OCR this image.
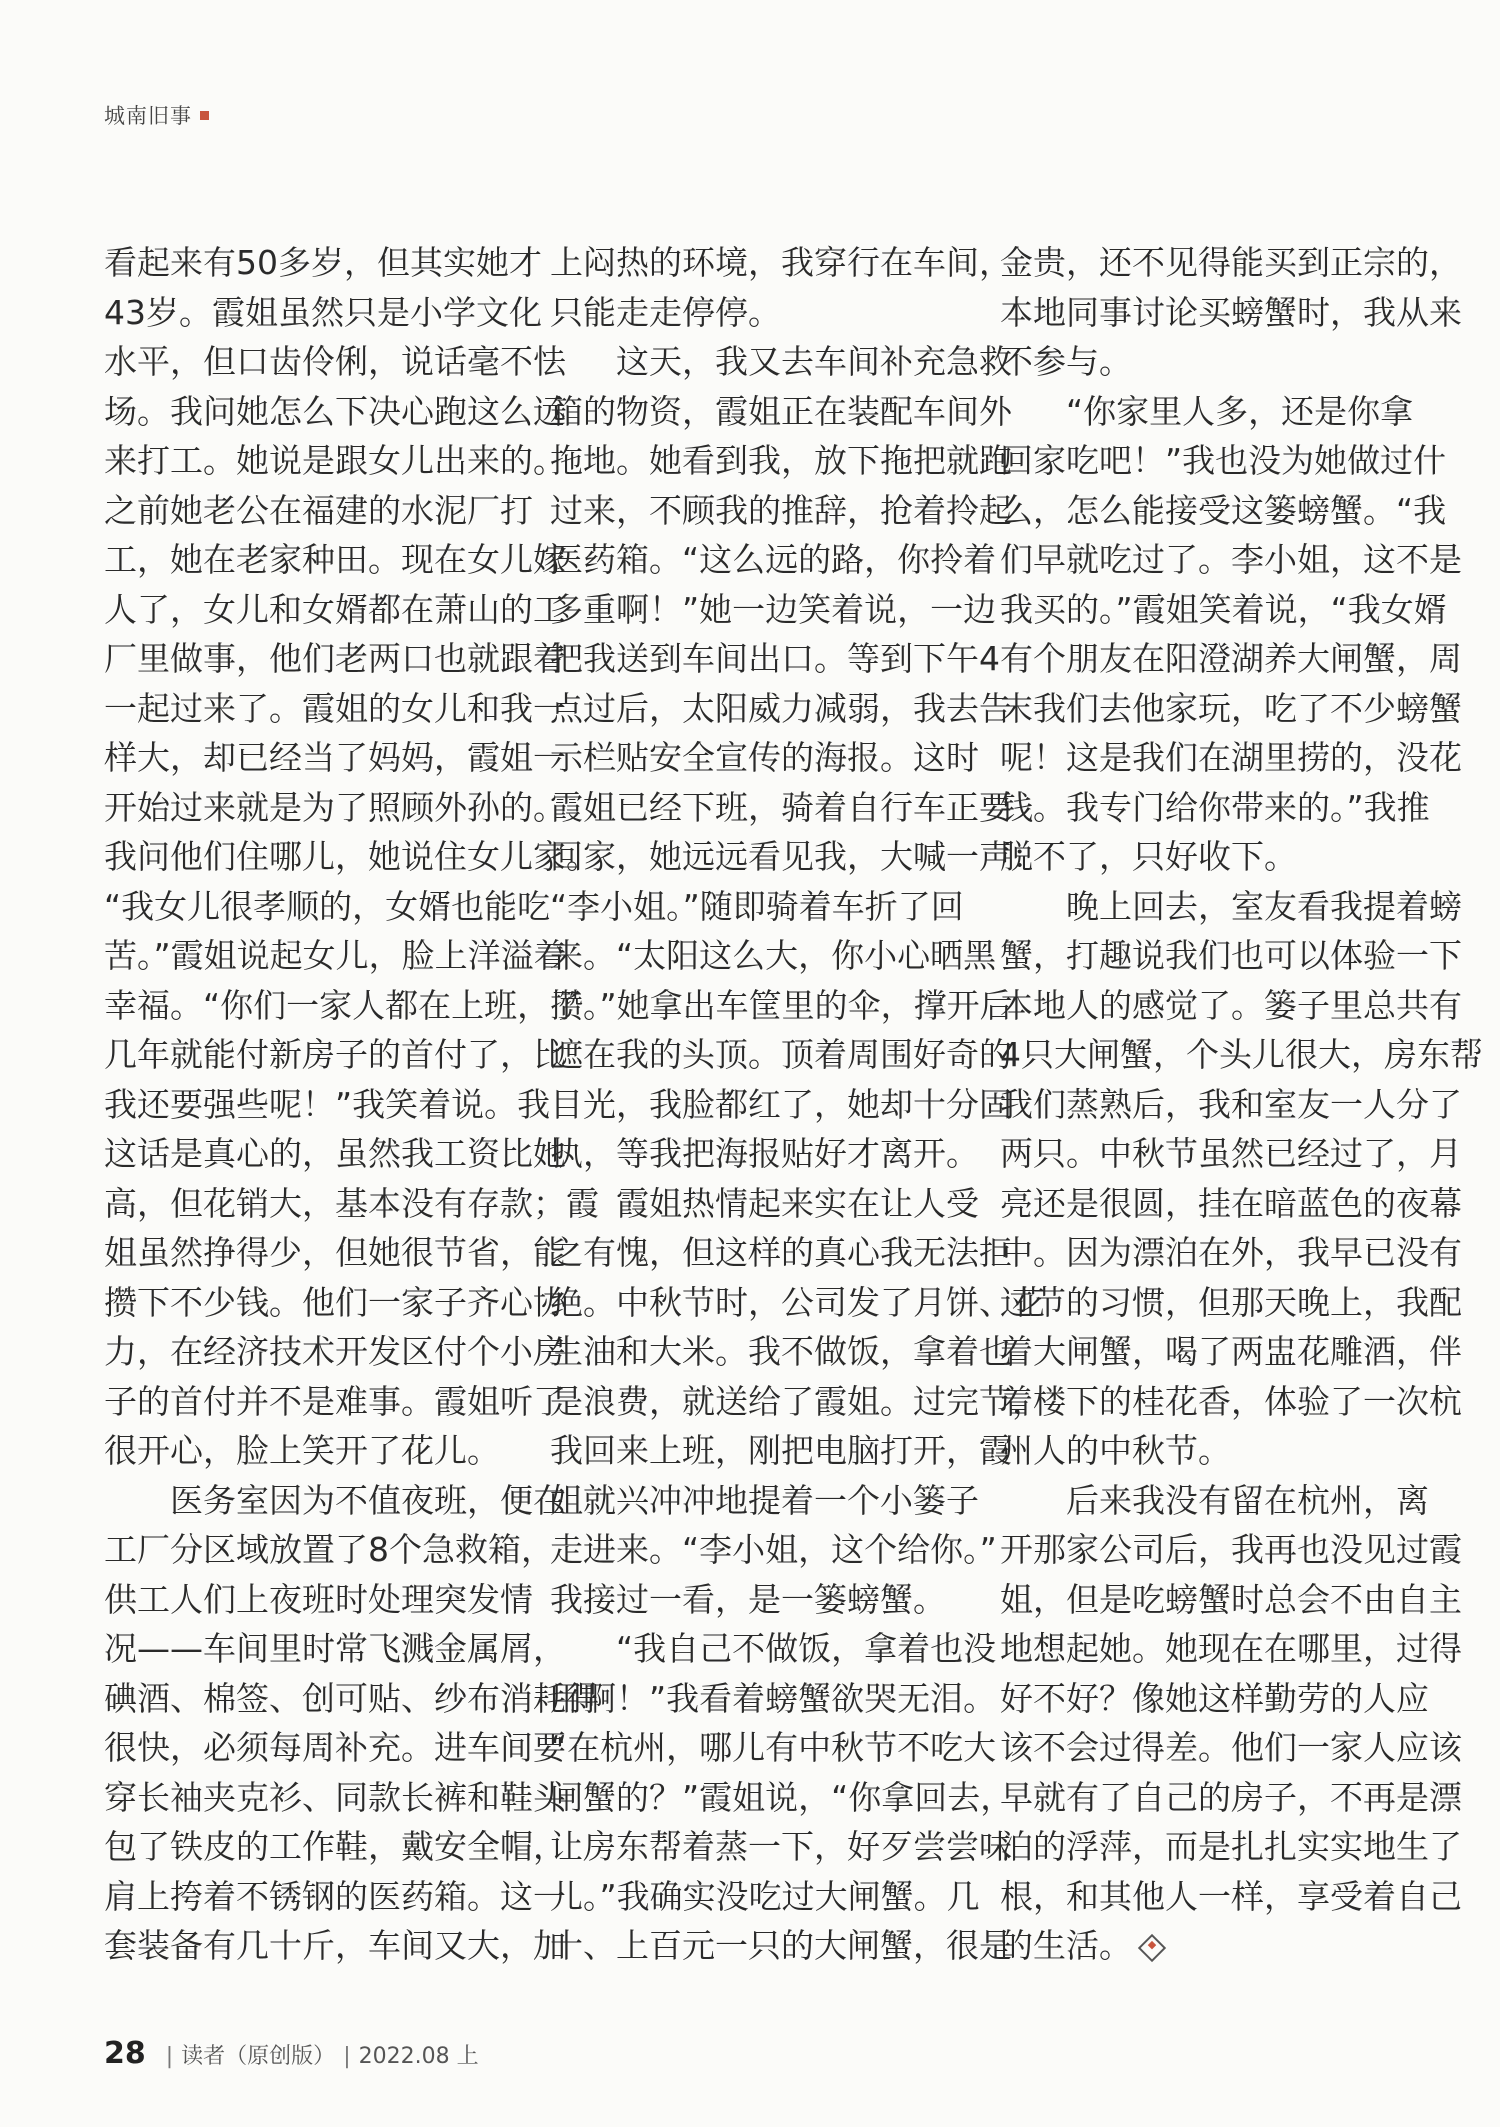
城南旧事
看起来有50多岁，但其实她才
43岁。霞姐虽然只是小学文化
水平，但口齿伶俐，说话毫不怯
场。我问她怎么下决心跑这么远
来打工。她说是跟女儿出来的。
之前她老公在福建的水泥厂打
工，她在老家种田。现在女儿嫁
人了，女儿和女婿都在萧山的工
厂里做事，他们老两口也就跟着
一起过来了。霞姐的女儿和我一
样大，却已经当了妈妈，霞姐一
开始过来就是为了照顾外孙的。
我问他们住哪儿，她说住女儿家。
“我女儿很孝顺的，女婿也能吃
苦。”霞姐说起女儿，脸上洋溢着
幸福。“你们一家人都在上班，攒
几年就能付新房子的首付了，比
我还要强些呢！”我笑着说。我
这话是真心的，虽然我工资比她
高，但花销大，基本没有存款；霞
姐虽然挣得少，但她很节省，能
攒下不少钱。他们一家子齐心协
力，在经济技术开发区付个小房
子的首付并不是难事。霞姐听了
很开心，脸上笑开了花儿。
　　医务室因为不值夜班，便在
工厂分区域放置了8个急救箱，
供工人们上夜班时处理突发情
况——车间里时常飞溅金属屑，
碘酒、棉签、创可贴、纱布消耗得
很快，必须每周补充。进车间要
穿长袖夹克衫、同款长裤和鞋头
包了铁皮的工作鞋，戴安全帽，
肩上挎着不锈钢的医药箱。这一
套装备有几十斤，车间又大，加
上闷热的环境，我穿行在车间，
只能走走停停。
　　这天，我又去车间补充急救
箱的物资，霞姐正在装配车间外
拖地。她看到我，放下拖把就跑
过来，不顾我的推辞，抢着拎起
医药箱。“这么远的路，你拎着
多重啊！”她一边笑着说，一边
把我送到车间出口。等到下午4
点过后，太阳威力减弱，我去告
示栏贴安全宣传的海报。这时
霞姐已经下班，骑着自行车正要
回家，她远远看见我，大喊一声：
“李小姐。”随即骑着车折了回
来。“太阳这么大，你小心晒黑
了。”她拿出车筐里的伞，撑开后
遮在我的头顶。顶着周围好奇的
目光，我脸都红了，她却十分固
执，等我把海报贴好才离开。
　　霞姐热情起来实在让人受
之有愧，但这样的真心我无法拒
绝。中秋节时，公司发了月饼、花
生油和大米。我不做饭，拿着也
是浪费，就送给了霞姐。过完节，
我回来上班，刚把电脑打开，霞
姐就兴冲冲地提着一个小篓子
走进来。“李小姐，这个给你。”
我接过一看，是一篓螃蟹。
　　“我自己不做饭，拿着也没
用啊！”我看着螃蟹欲哭无泪。
“在杭州，哪儿有中秋节不吃大
闸蟹的？”霞姐说，“你拿回去，
让房东帮着蒸一下，好歹尝尝味
儿。”我确实没吃过大闸蟹。几
十、上百元一只的大闸蟹，很是
金贵，还不见得能买到正宗的，
本地同事讨论买螃蟹时，我从来
不参与。
　　“你家里人多，还是你拿
回家吃吧！”我也没为她做过什
么，怎么能接受这篓螃蟹。“我
们早就吃过了。李小姐，这不是
我买的。”霞姐笑着说，“我女婿
有个朋友在阳澄湖养大闸蟹，周
末我们去他家玩，吃了不少螃蟹
呢！这是我们在湖里捞的，没花
钱。我专门给你带来的。”我推
脱不了，只好收下。
　　晚上回去，室友看我提着螃
蟹，打趣说我们也可以体验一下
本地人的感觉了。篓子里总共有
4只大闸蟹，个头儿很大，房东帮
我们蒸熟后，我和室友一人分了
两只。中秋节虽然已经过了，月
亮还是很圆，挂在暗蓝色的夜幕
中。因为漂泊在外，我早已没有
过节的习惯，但那天晚上，我配
着大闸蟹，喝了两盅花雕酒，伴
着楼下的桂花香，体验了一次杭
州人的中秋节。
　　后来我没有留在杭州，离
开那家公司后，我再也没见过霞
姐，但是吃螃蟹时总会不由自主
地想起她。她现在在哪里，过得
好不好？像她这样勤劳的人应
该不会过得差。他们一家人应该
早就有了自己的房子，不再是漂
泊的浮萍，而是扎扎实实地生了
根，和其他人一样，享受着自己
的生活。
28 | 读者（原创版） | 2022.08 上
